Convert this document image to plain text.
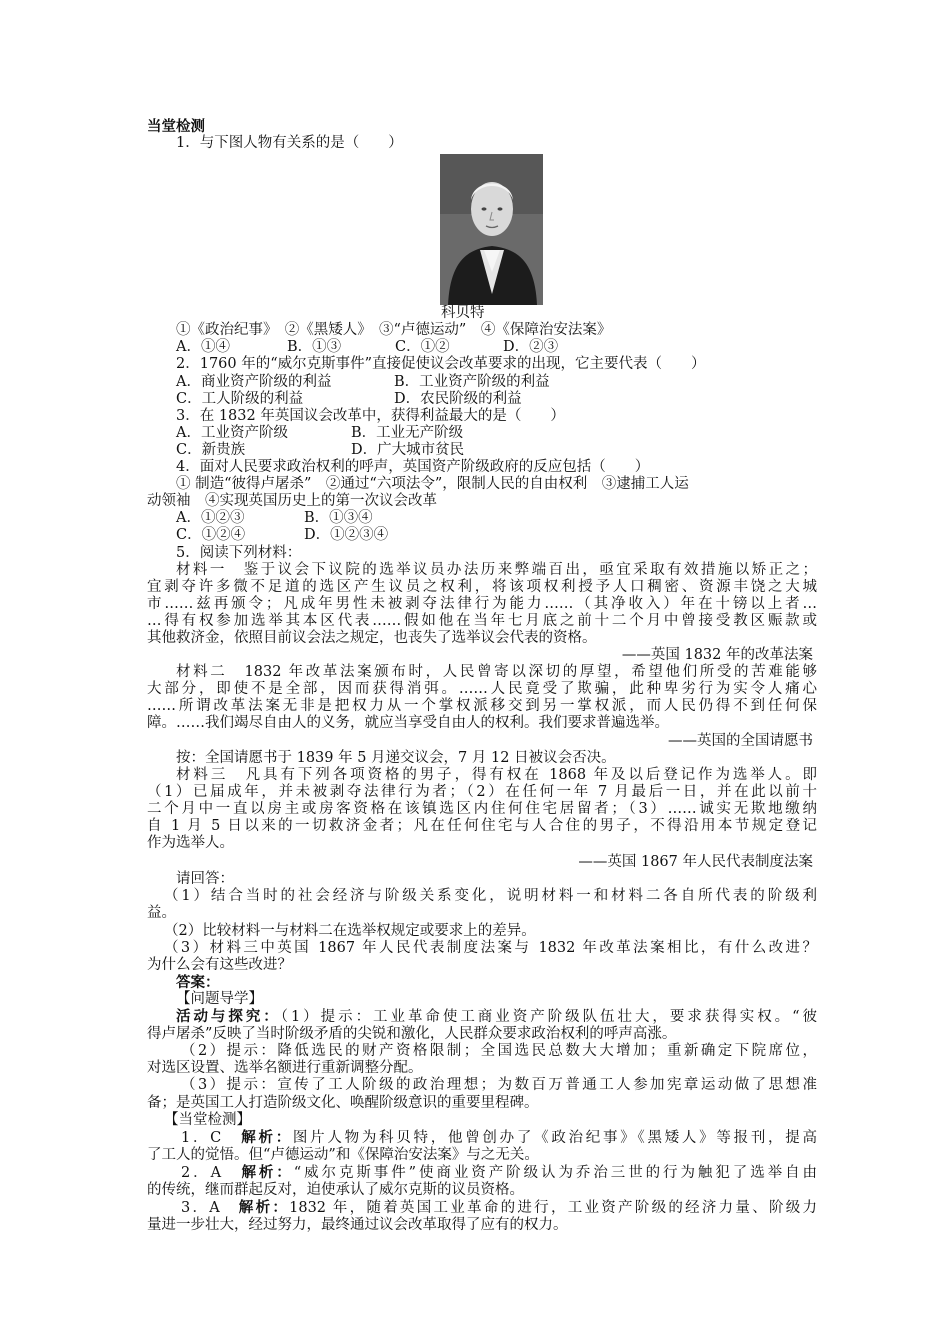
当堂检测
1．与下图人物有关系的是（　　）
科贝特
①《政治纪事》　②《黑矮人》　③“卢德运动”　④《保障治安法案》
A．①④	B．①③	C．①②	D．②③
2．1760 年的“威尔克斯事件”直接促使议会改革要求的出现，它主要代表（　　）
A．商业资产阶级的利益	B．工业资产阶级的利益
C．工人阶级的利益	D．农民阶级的利益
3．在 1832 年英国议会改革中，获得利益最大的是（　　）
A．工业资产阶级	B．工业无产阶级
C．新贵族	D．广大城市贫民
4．面对人民要求政治权利的呼声，英国资产阶级政府的反应包括（　　）
① 制造“彼得卢屠杀”　②通过“六项法令”，限制人民的自由权利　③逮捕工人运
动领袖　④实现英国历史上的第一次议会改革
A．①②③	B．①③④
C．①②④	D．①②③④
5．阅读下列材料：
材料一　鉴于议会下议院的选举议员办法历来弊端百出，亟宜采取有效措施以矫正之；
宜剥夺许多微不足道的选区产生议员之权利，将该项权利授予人口稠密、资源丰饶之大城
市……兹再颁令；凡成年男性未被剥夺法律行为能力……（其净收入）年在十镑以上者…
…得有权参加选举其本区代表……假如他在当年七月底之前十二个月中曾接受教区赈款或
其他救济金，依照目前议会法之规定，也丧失了选举议会代表的资格。
——英国 1832 年的改革法案
材料二　1832 年改革法案颁布时，人民曾寄以深切的厚望，希望他们所受的苦难能够
大部分，即使不是全部，因而获得消弭。……人民竟受了欺骗，此种卑劣行为实令人痛心
……所谓改革法案无非是把权力从一个掌权派移交到另一掌权派，而人民仍得不到任何保
障。……我们竭尽自由人的义务，就应当享受自由人的权利。我们要求普遍选举。
——英国的全国请愿书
按：全国请愿书于 1839 年 5 月递交议会，7 月 12 日被议会否决。
材料三　凡具有下列各项资格的男子，得有权在 1868 年及以后登记作为选举人。即
（1）已届成年，并未被剥夺法律行为者；（2）在任何一年 7 月最后一日，并在此以前十
二个月中一直以房主或房客资格在该镇选区内住何住宅居留者；（3）……诚实无欺地缴纳
自 1 月 5 日以来的一切救济金者；凡在任何住宅与人合住的男子，不得沿用本节规定登记
作为选举人。
——英国 1867 年人民代表制度法案
请回答：
（1）结合当时的社会经济与阶级关系变化，说明材料一和材料二各自所代表的阶级利
益。
（2）比较材料一与材料二在选举权规定或要求上的差异。
（3）材料三中英国 1867 年人民代表制度法案与 1832 年改革法案相比，有什么改进？
为什么会有这些改进？
答案：
【问题导学】
活动与探究：（1）提示：工业革命使工商业资产阶级队伍壮大，要求获得实权。“彼
得卢屠杀”反映了当时阶级矛盾的尖锐和激化，人民群众要求政治权利的呼声高涨。
（2）提示：降低选民的财产资格限制；全国选民总数大大增加；重新确定下院席位，
对选区设置、选举名额进行重新调整分配。
（3）提示：宣传了工人阶级的政治理想；为数百万普通工人参加宪章运动做了思想准
备；是英国工人打造阶级文化、唤醒阶级意识的重要里程碑。
【当堂检测】
1．C　解析：图片人物为科贝特，他曾创办了《政治纪事》《黑矮人》等报刊，提高
了工人的觉悟。但“卢德运动”和《保障治安法案》与之无关。
2．A　解析：“威尔克斯事件”使商业资产阶级认为乔治三世的行为触犯了选举自由
的传统，继而群起反对，迫使承认了威尔克斯的议员资格。
3．A　解析：1832 年，随着英国工业革命的进行，工业资产阶级的经济力量、阶级力
量进一步壮大，经过努力，最终通过议会改革取得了应有的权力。
